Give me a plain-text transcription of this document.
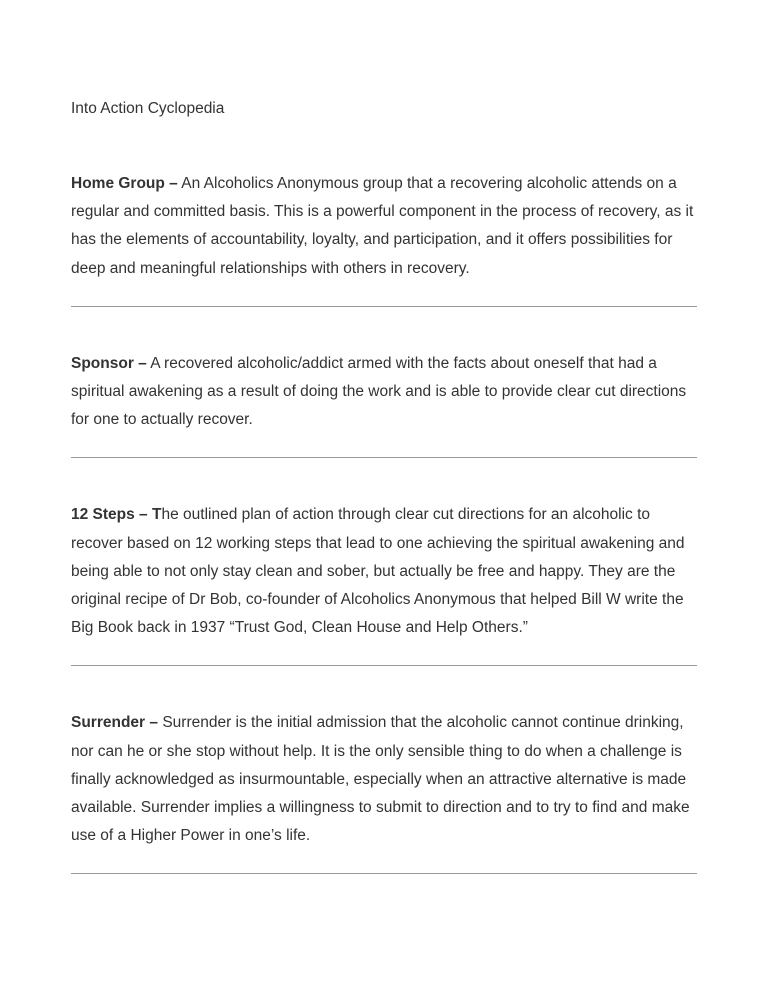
Into Action Cyclopedia

Home Group – An Alcoholics Anonymous group that a recovering alcoholic attends on a regular and committed basis. This is a powerful component in the process of recovery, as it has the elements of accountability, loyalty, and participation, and it offers possibilities for deep and meaningful relationships with others in recovery.

Sponsor – A recovered alcoholic/addict armed with the facts about oneself that had a spiritual awakening as a result of doing the work and is able to provide clear cut directions for one to actually recover.

12 Steps – The outlined plan of action through clear cut directions for an alcoholic to recover based on 12 working steps that lead to one achieving the spiritual awakening and being able to not only stay clean and sober, but actually be free and happy. They are the original recipe of Dr Bob, co-founder of Alcoholics Anonymous that helped Bill W write the Big Book back in 1937 “Trust God, Clean House and Help Others.”

Surrender – Surrender is the initial admission that the alcoholic cannot continue drinking, nor can he or she stop without help. It is the only sensible thing to do when a challenge is finally acknowledged as insurmountable, especially when an attractive alternative is made available. Surrender implies a willingness to submit to direction and to try to find and make use of a Higher Power in one’s life.
